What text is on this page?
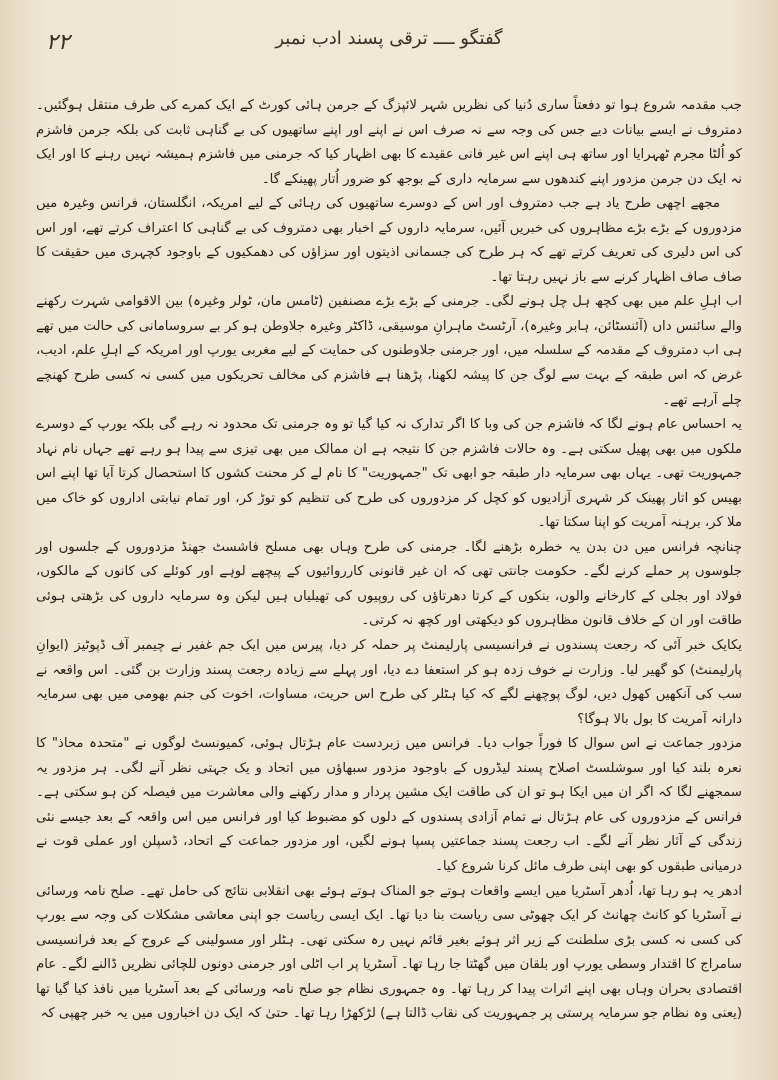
۲۲	گفتگو ــــ ترقی پسند ادب نمبر

جب مقدمہ شروع ہوا تو دفعتاً ساری دُنیا کی نظریں شہر لائپزگ کے جرمن ہائی کورٹ کے ایک کمرے کی طرف منتقل ہوگئیں۔ دمتروف نے ایسے بیانات دیے جس کی وجہ سے نہ صرف اس نے اپنے اور اپنے ساتھیوں کی بے گناہی ثابت کی بلکہ جرمن فاشزم کو اُلٹا مجرم ٹھہرایا اور ساتھ ہی اپنے اس غیر فانی عقیدے کا بھی اظہار کیا کہ جرمنی میں فاشزم ہمیشہ نہیں رہنے کا اور ایک نہ ایک دن جرمن مزدور اپنے کندھوں سے سرمایہ داری کے بوجھ کو ضرور اُتار پھینکے گا۔

مجھے اچھی طرح یاد ہے جب دمتروف اور اس کے دوسرے ساتھیوں کی رہائی کے لیے امریکہ، انگلستان، فرانس وغیرہ میں مزدوروں کے بڑے بڑے مظاہروں کی خبریں آئیں، سرمایہ داروں کے اخبار بھی دمتروف کی بے گناہی کا اعتراف کرتے تھے، اور اس کی اس دلیری کی تعریف کرتے تھے کہ ہر طرح کی جسمانی اذیتوں اور سزاؤں کی دھمکیوں کے باوجود کچہری میں حقیقت کا صاف صاف اظہار کرنے سے باز نہیں رہتا تھا۔

اب اہلِ علم میں بھی کچھ ہل چل ہونے لگی۔ جرمنی کے بڑے بڑے مصنفین (ٹامس مان، ٹولر وغیرہ) بین الاقوامی شہرت رکھنے والے سائنس داں (آئنسٹائن، ہابر وغیرہ)، آرٹسٹ ماہرانِ موسیقی، ڈاکٹر وغیرہ جلاوطن ہو کر بے سروسامانی کی حالت میں تھے ہی اب دمتروف کے مقدمہ کے سلسلہ میں، اور جرمنی جلاوطنوں کی حمایت کے لیے مغربی یورپ اور امریکہ کے اہلِ علم، ادیب، غرض کہ اس طبقہ کے بہت سے لوگ جن کا پیشہ لکھنا، پڑھنا ہے فاشزم کی مخالف تحریکوں میں کسی نہ کسی طرح کھنچے چلے آرہے تھے۔

یہ احساس عام ہونے لگا کہ فاشزم جن کی وبا کا اگر تدارک نہ کیا گیا تو وہ جرمنی تک محدود نہ رہے گی بلکہ یورپ کے دوسرے ملکوں میں بھی پھیل سکتی ہے۔ وہ حالات فاشزم جن کا نتیجہ ہے ان ممالک میں بھی تیزی سے پیدا ہو رہے تھے جہاں نام نہاد جمہوریت تھی۔ یہاں بھی سرمایہ دار طبقہ جو ابھی تک "جمہوریت" کا نام لے کر محنت کشوں کا استحصال کرتا آیا تھا اپنے اس بھیس کو اتار پھینک کر شہری آزادیوں کو کچل کر مزدوروں کی طرح کی تنظیم کو توڑ کر، اور تمام نیابتی اداروں کو خاک میں ملا کر، برہنہ آمریت کو اپنا سکتا تھا۔

چنانچہ فرانس میں دن بدن یہ خطرہ بڑھنے لگا۔ جرمنی کی طرح وہاں بھی مسلح فاشسٹ جھنڈ مزدوروں کے جلسوں اور جلوسوں پر حملے کرنے لگے۔ حکومت جانتی تھی کہ ان غیر قانونی کارروائیوں کے پیچھے لوہے اور کوئلے کی کانوں کے مالکوں، فولاد اور بجلی کے کارخانے والوں، بنکوں کے کرتا دھرتاؤں کی روپیوں کی تھیلیاں ہیں لیکن وہ سرمایہ داروں کی بڑھتی ہوئی طاقت اور ان کے خلاف قانون مظاہروں کو دیکھتی اور کچھ نہ کرتی۔

یکایک خبر آئی کہ رجعت پسندوں نے فرانسیسی پارلیمنٹ پر حملہ کر دیا، پیرس میں ایک جم غفیر نے چیمبر آف ڈپوٹیز (ایوانِ پارلیمنٹ) کو گھیر لیا۔ وزارت نے خوف زدہ ہو کر استعفا دے دیا، اور پہلے سے زیادہ رجعت پسند وزارت بن گئی۔ اس واقعہ نے سب کی آنکھیں کھول دیں، لوگ پوچھنے لگے کہ کیا ہٹلر کی طرح اس حریت، مساوات، اخوت کی جنم بھومی میں بھی سرمایہ دارانہ آمریت کا بول بالا ہوگا؟

مزدور جماعت نے اس سوال کا فوراً جواب دیا۔ فرانس میں زبردست عام ہڑتال ہوئی، کمیونسٹ لوگوں نے "متحدہ محاذ" کا نعرہ بلند کیا اور سوشلسٹ اصلاح پسند لیڈروں کے باوجود مزدور سبھاؤں میں اتحاد و یک جہتی نظر آنے لگی۔ ہر مزدور یہ سمجھنے لگا کہ اگر ان میں ایکا ہو تو ان کی طاقت ایک مشین پردار و مدار رکھنے والی معاشرت میں فیصلہ کن ہو سکتی ہے۔ فرانس کے مزدوروں کی عام ہڑتال نے تمام آزادی پسندوں کے دلوں کو مضبوط کیا اور فرانس میں اس واقعہ کے بعد جیسے نئی زندگی کے آثار نظر آنے لگے۔ اب رجعت پسند جماعتیں پسپا ہونے لگیں، اور مزدور جماعت کے اتحاد، ڈسپلن اور عملی قوت نے درمیانی طبقوں کو بھی اپنی طرف مائل کرنا شروع کیا۔

ادھر یہ ہو رہا تھا، اُدھر آسٹریا میں ایسے واقعات ہوتے جو المناک ہوتے ہوئے بھی انقلابی نتائج کی حامل تھے۔ صلح نامہ ورسائی نے آسٹریا کو کانٹ چھانٹ کر ایک چھوٹی سی ریاست بنا دیا تھا۔ ایک ایسی ریاست جو اپنی معاشی مشکلات کی وجہ سے یورپ کی کسی نہ کسی بڑی سلطنت کے زیر اثر ہوئے بغیر قائم نہیں رہ سکتی تھی۔ ہٹلر اور مسولینی کے عروج کے بعد فرانسیسی سامراج کا اقتدار وسطی یورپ اور بلقان میں گھٹتا جا رہا تھا۔ آسٹریا پر اب اٹلی اور جرمنی دونوں للچائی نظریں ڈالنے لگے۔ عام اقتصادی بحران وہاں بھی اپنے اثرات پیدا کر رہا تھا۔ وہ جمہوری نظام جو صلح نامہ ورسائی کے بعد آسٹریا میں نافذ کیا گیا تھا (یعنی وہ نظام جو سرمایہ پرستی پر جمہوریت کی نقاب ڈالتا ہے) لڑکھڑا رہا تھا۔ حتیٰ کہ ایک دن اخباروں میں یہ خبر چھپی کہ
